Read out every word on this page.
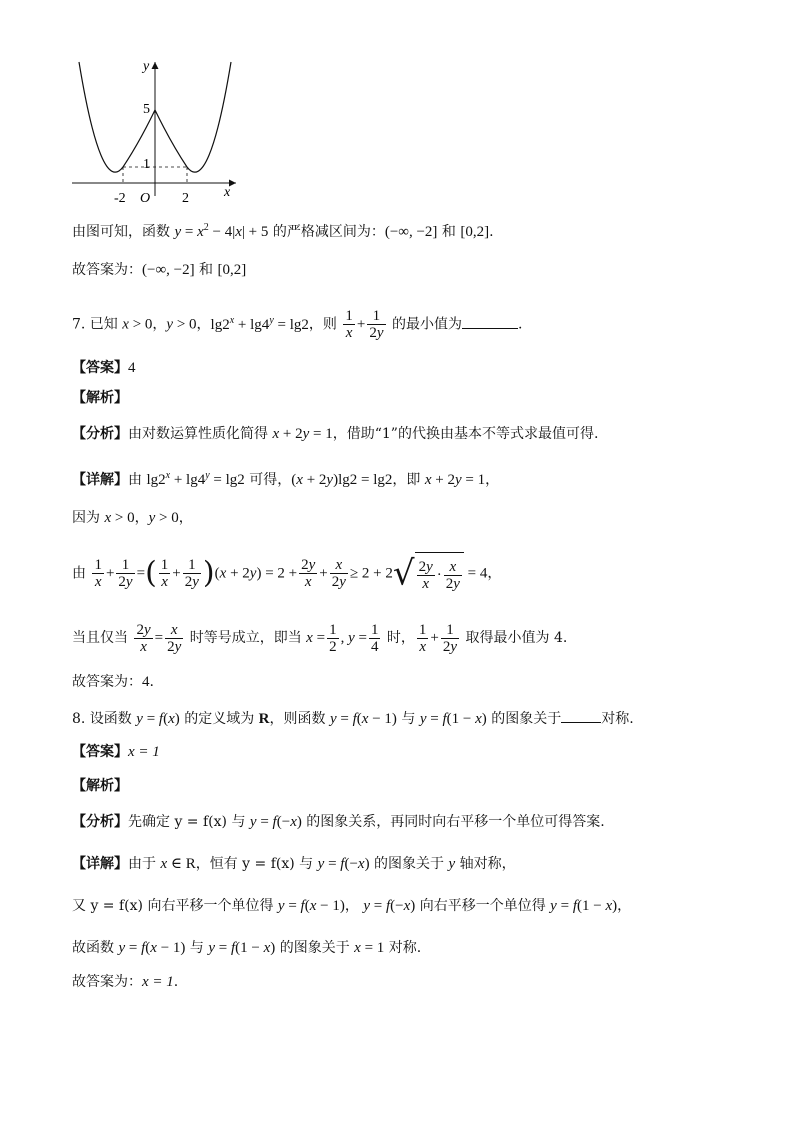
y
x
5
1
-2 O 2
由图可知，函数 $y = x^2 - 4|x| + 5$ 的严格减区间为：(−∞, −2] 和 [0,2].
故答案为：(−∞, −2] 和 [0,2]
7. 已知 x > 0，y > 0，$\lg 2^x + \lg 4^y = \lg 2$，则 $\frac{1}{x} + \frac{1}{2y}$ 的最小值为	.
【答案】4
【解析】
【分析】由对数运算性质化简得 x + 2y = 1，借助“1”的代换由基本不等式求最值可得.
【详解】由 $\lg 2^x + \lg 4^y = \lg 2$ 可得，(x + 2y)lg2 = lg2，即 x + 2y = 1，
因为 x > 0，y > 0，
由 $\frac{1}{x} + \frac{1}{2y}$ =( $\frac{1}{x} + \frac{1}{2y} )(x + 2y) = 2 + \frac{2y}{x} + \frac{x}{2y} \ge 2 + 2√ \frac{2y}{x} \cdot \frac{x}{2y} = 4$，
当且仅当 $\frac{2y}{x} = \frac{x}{2y}$ 时等号成立，即当 $x = \frac{1}{2}$ , $y = \frac{1}{4}$ 时， $\frac{1}{x} + \frac{1}{2y}$ 取得最小值为 4.
故答案为：4.
8. 设函数 y = f(x) 的定义域为 R，则函数 y = f(x − 1) 与 y = f(1 − x) 的图象关于	对称.
【答案】x = 1
【解析】
【分析】先确定 y = f(x) 与 y = f(−x) 的图象关系，再同时向右平移一个单位可得答案.
【详解】由于 x ∈ R，恒有 y = f(x) 与 y = f(−x) 的图象关于 y 轴对称，
又 y = f(x) 向右平移一个单位得 y = f(x − 1)， y = f(−x) 向右平移一个单位得 y = f(1 − x)，
故函数 y = f(x − 1) 与 y = f(1 − x) 的图象关于 x = 1 对称.
故答案为：x = 1.
